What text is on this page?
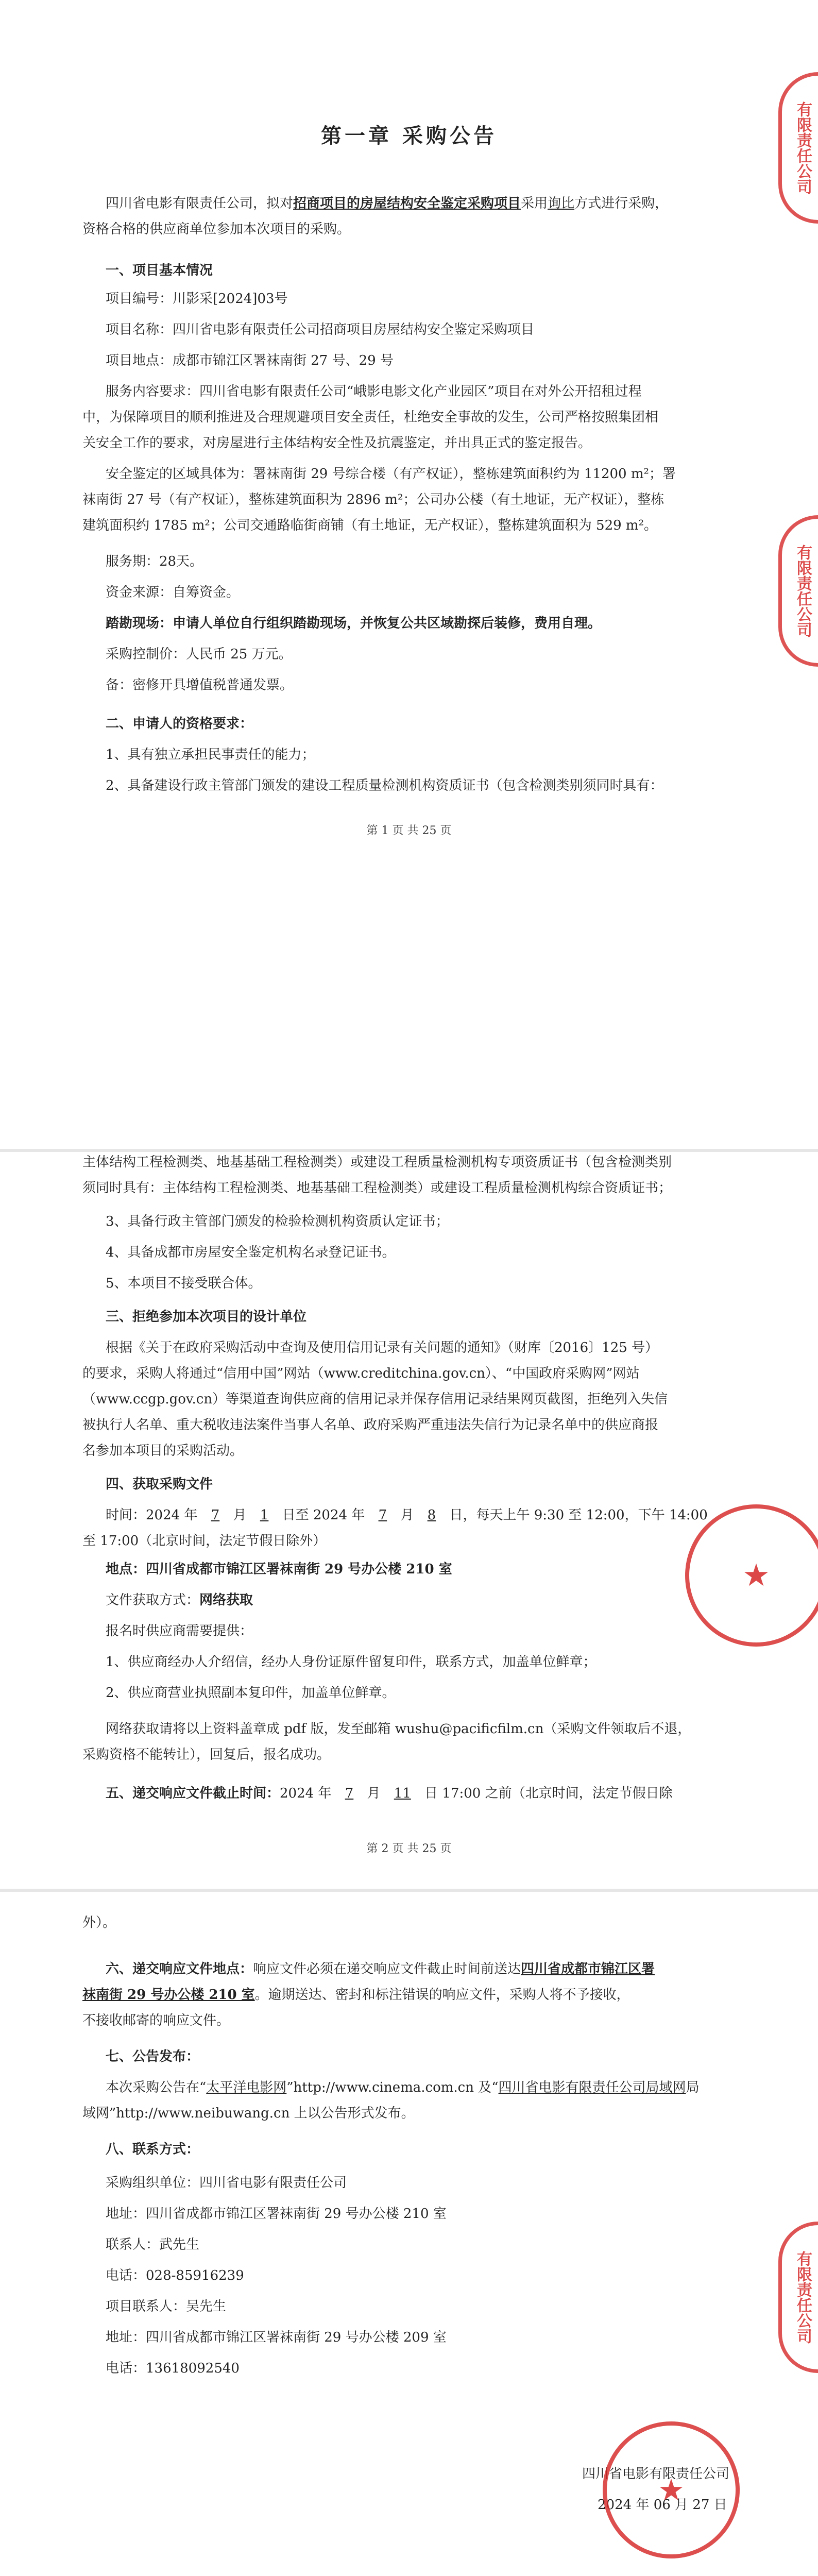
第一章 采购公告
四川省电影有限责任公司，拟对招商项目的房屋结构安全鉴定采购项目采用询比方式进行采购，
资格合格的供应商单位参加本次项目的采购。
一、项目基本情况
项目编号：川影采[2024]03号
项目名称：四川省电影有限责任公司招商项目房屋结构安全鉴定采购项目
项目地点：成都市锦江区署袜南街 27 号、29 号
服务内容要求：四川省电影有限责任公司“峨影电影文化产业园区”项目在对外公开招租过程
中，为保障项目的顺利推进及合理规避项目安全责任，杜绝安全事故的发生，公司严格按照集团相
关安全工作的要求，对房屋进行主体结构安全性及抗震鉴定，并出具正式的鉴定报告。
安全鉴定的区域具体为：署袜南街 29 号综合楼（有产权证），整栋建筑面积约为 11200 m²；署
袜南街 27 号（有产权证），整栋建筑面积为 2896 m²；公司办公楼（有土地证，无产权证），整栋
建筑面积约 1785 m²；公司交通路临街商铺（有土地证，无产权证），整栋建筑面积为 529 m²。
服务期：28天。
资金来源：自筹资金。
踏勘现场：申请人单位自行组织踏勘现场，并恢复公共区域勘探后装修，费用自理。
采购控制价：人民币 25 万元。
备：密修开具增值税普通发票。
二、申请人的资格要求：
1、具有独立承担民事责任的能力；
2、具备建设行政主管部门颁发的建设工程质量检测机构资质证书（包含检测类别须同时具有：
第 1 页 共 25 页
有限责任公司
有限责任公司
主体结构工程检测类、地基基础工程检测类）或建设工程质量检测机构专项资质证书（包含检测类别
须同时具有：主体结构工程检测类、地基基础工程检测类）或建设工程质量检测机构综合资质证书；
3、具备行政主管部门颁发的检验检测机构资质认定证书；
4、具备成都市房屋安全鉴定机构名录登记证书。
5、本项目不接受联合体。
三、拒绝参加本次项目的设计单位
根据《关于在政府采购活动中查询及使用信用记录有关问题的通知》（财库〔2016〕125 号）
的要求，采购人将通过“信用中国”网站（www.creditchina.gov.cn）、“中国政府采购网”网站
（www.ccgp.gov.cn）等渠道查询供应商的信用记录并保存信用记录结果网页截图，拒绝列入失信
被执行人名单、重大税收违法案件当事人名单、政府采购严重违法失信行为记录名单中的供应商报
名参加本项目的采购活动。
四、获取采购文件
时间：2024 年 7 月 1 日至 2024 年 7 月 8 日，每天上午 9:30 至 12:00，下午 14:00
至 17:00（北京时间，法定节假日除外）
地点：四川省成都市锦江区署袜南街 29 号办公楼 210 室
文件获取方式：网络获取
报名时供应商需要提供：
1、供应商经办人介绍信，经办人身份证原件留复印件，联系方式，加盖单位鲜章；
2、供应商营业执照副本复印件，加盖单位鲜章。
网络获取请将以上资料盖章成 pdf 版，发至邮箱 wushu@pacificfilm.cn（采购文件领取后不退，
采购资格不能转让），回复后，报名成功。
五、递交响应文件截止时间：2024 年 7 月 11 日 17:00 之前（北京时间，法定节假日除
第 2 页 共 25 页
★
外）。
六、递交响应文件地点：响应文件必须在递交响应文件截止时间前送达四川省成都市锦江区署
袜南街 29 号办公楼 210 室。逾期送达、密封和标注错误的响应文件，采购人将不予接收，
不接收邮寄的响应文件。
七、公告发布：
本次采购公告在“太平洋电影网”http://www.cinema.com.cn 及“四川省电影有限责任公司局域网局
域网”http://www.neibuwang.cn 上以公告形式发布。
八、联系方式：
采购组织单位：四川省电影有限责任公司
地址：四川省成都市锦江区署袜南街 29 号办公楼 210 室
联系人：武先生
电话：028-85916239
项目联系人：吴先生
地址：四川省成都市锦江区署袜南街 29 号办公楼 209 室
电话：13618092540
四川省电影有限责任公司
2024 年 06 月 27 日
有限责任公司
★
